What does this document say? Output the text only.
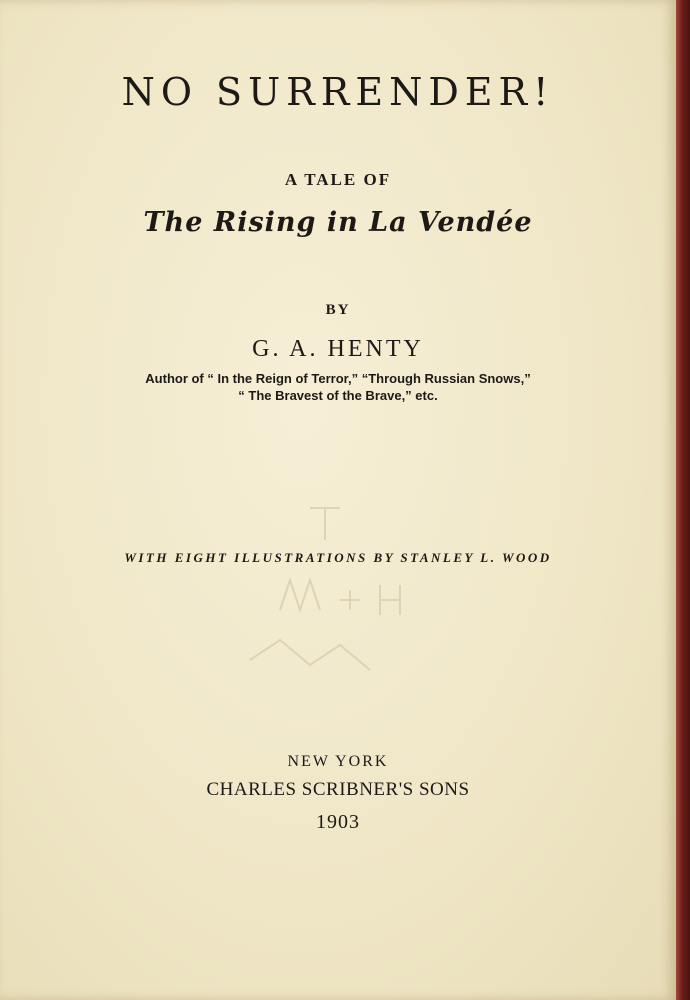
NO SURRENDER!
A TALE OF
The Rising in La Vendée
BY
G. A. HENTY
Author of “ In the Reign of Terror,” “Through Russian Snows,”
“ The Bravest of the Brave,” etc.
WITH EIGHT ILLUSTRATIONS BY STANLEY L. WOOD
NEW YORK
CHARLES SCRIBNER'S SONS
1903
